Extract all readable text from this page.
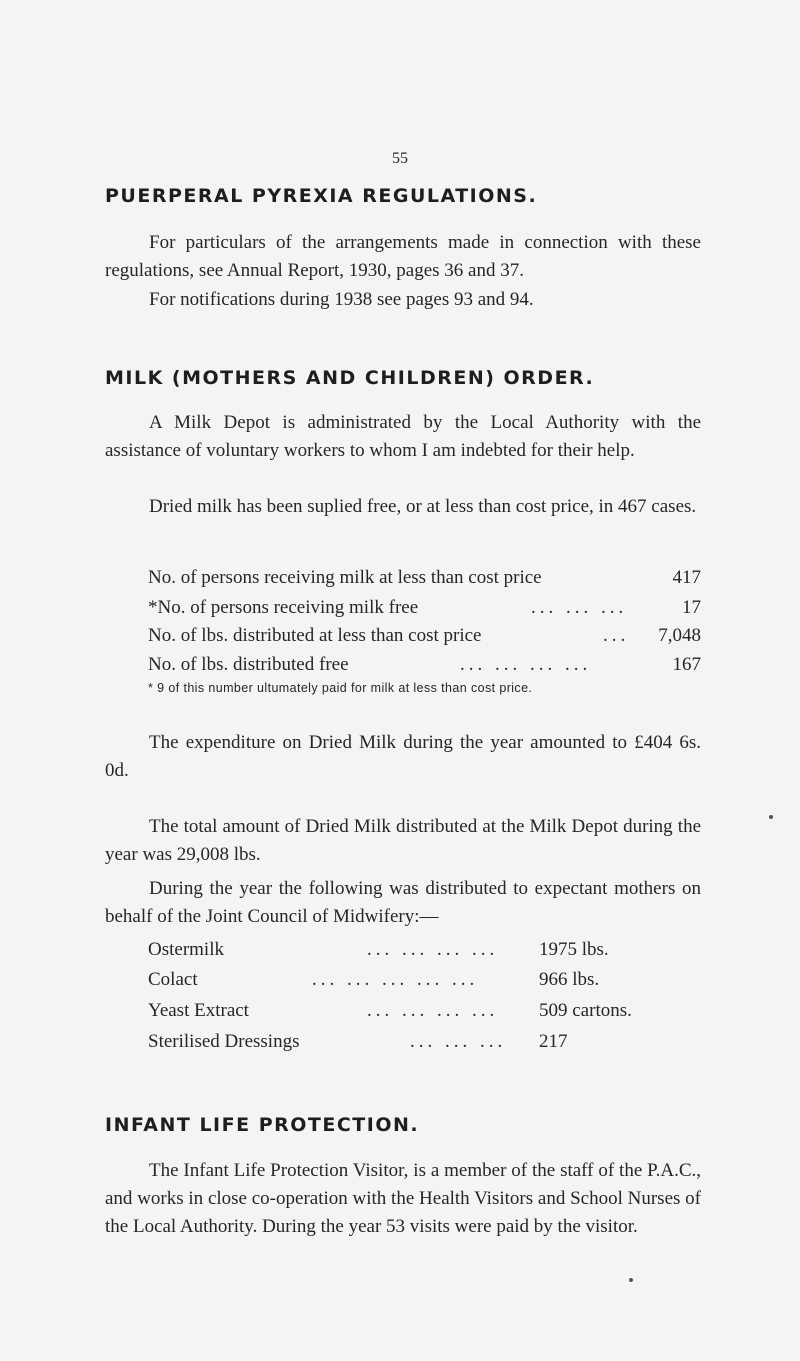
55
PUERPERAL PYREXIA REGULATIONS.
For particulars of the arrangements made in connection with these regulations, see Annual Report, 1930, pages 36 and 37.
For notifications during 1938 see pages 93 and 94.
MILK (MOTHERS AND CHILDREN) ORDER.
A Milk Depot is administrated by the Local Authority with the assistance of voluntary workers to whom I am indebted for their help.
Dried milk has been suplied free, or at less than cost price, in 467 cases.
No. of persons receiving milk at less than cost price	417
*No. of persons receiving milk free	... ... ...	17
No. of lbs. distributed at less than cost price	... 7,048
No. of lbs. distributed free	... ... ... ...	167
* 9 of this number ultumately paid for milk at less than cost price.
The expenditure on Dried Milk during the year amounted to £404 6s. 0d.
The total amount of Dried Milk distributed at the Milk Depot during the year was 29,008 lbs.
During the year the following was distributed to expectant mothers on behalf of the Joint Council of Midwifery:—
Ostermilk	... ... ... ... 1975 lbs.
Colact	... ... ... ... ...	966 lbs.
Yeast Extract	... ... ... ... 509 cartons.
Sterilised Dressings	... ... ... 217
INFANT LIFE PROTECTION.
The Infant Life Protection Visitor, is a member of the staff of the P.A.C., and works in close co-operation with the Health Visitors and School Nurses of the Local Authority. During the year 53 visits were paid by the visitor.
